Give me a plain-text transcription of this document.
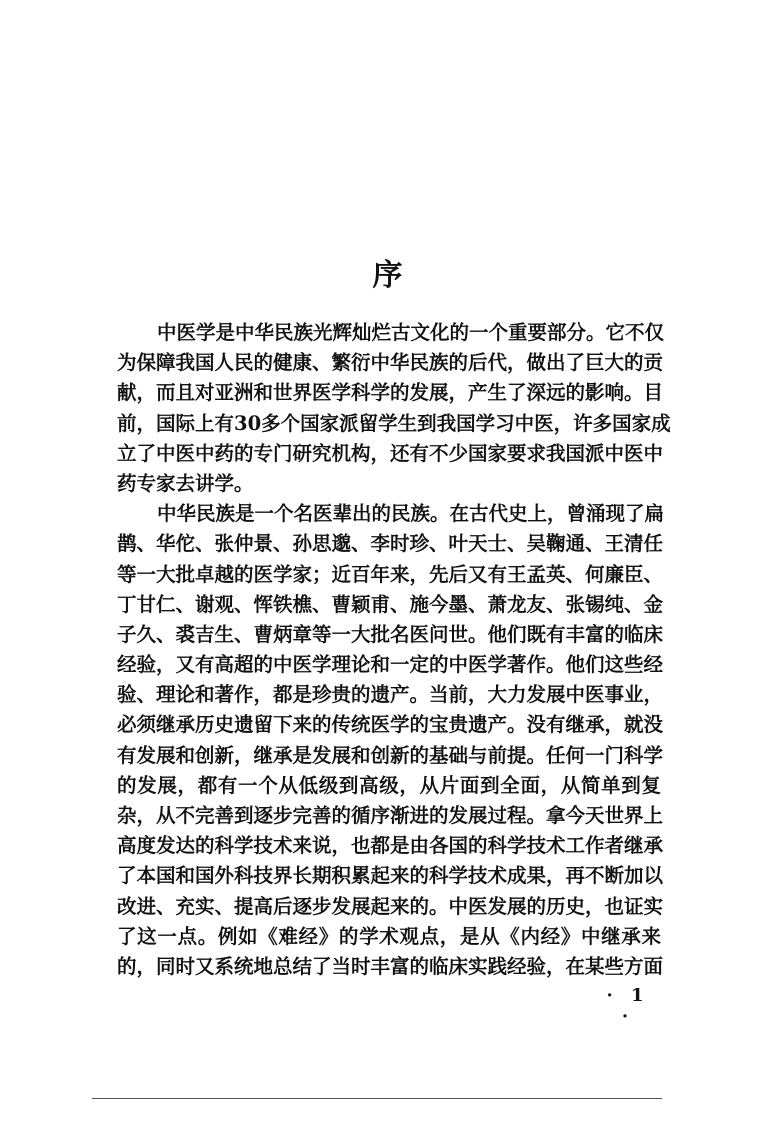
序
中医学是中华民族光辉灿烂古文化的一个重要部分。它不仅
为保障我国人民的健康、繁衍中华民族的后代，做出了巨大的贡
献，而且对亚洲和世界医学科学的发展，产生了深远的影响。目
前，国际上有30多个国家派留学生到我国学习中医，许多国家成
立了中医中药的专门研究机构，还有不少国家要求我国派中医中
药专家去讲学。
中华民族是一个名医辈出的民族。在古代史上，曾涌现了扁
鹊、华佗、张仲景、孙思邈、李时珍、叶天士、吴鞠通、王清任
等一大批卓越的医学家；近百年来，先后又有王孟英、何廉臣、
丁甘仁、谢观、恽铁樵、曹颖甫、施今墨、萧龙友、张锡纯、金
子久、裘吉生、曹炳章等一大批名医问世。他们既有丰富的临床
经验，又有高超的中医学理论和一定的中医学著作。他们这些经
验、理论和著作，都是珍贵的遗产。当前，大力发展中医事业，
必须继承历史遗留下来的传统医学的宝贵遗产。没有继承，就没
有发展和创新，继承是发展和创新的基础与前提。任何一门科学
的发展，都有一个从低级到高级，从片面到全面，从简单到复
杂，从不完善到逐步完善的循序渐进的发展过程。拿今天世界上
高度发达的科学技术来说，也都是由各国的科学技术工作者继承
了本国和国外科技界长期积累起来的科学技术成果，再不断加以
改进、充实、提高后逐步发展起来的。中医发展的历史，也证实
了这一点。例如《难经》的学术观点，是从《内经》中继承来
的，同时又系统地总结了当时丰富的临床实践经验，在某些方面
· 1 ·
